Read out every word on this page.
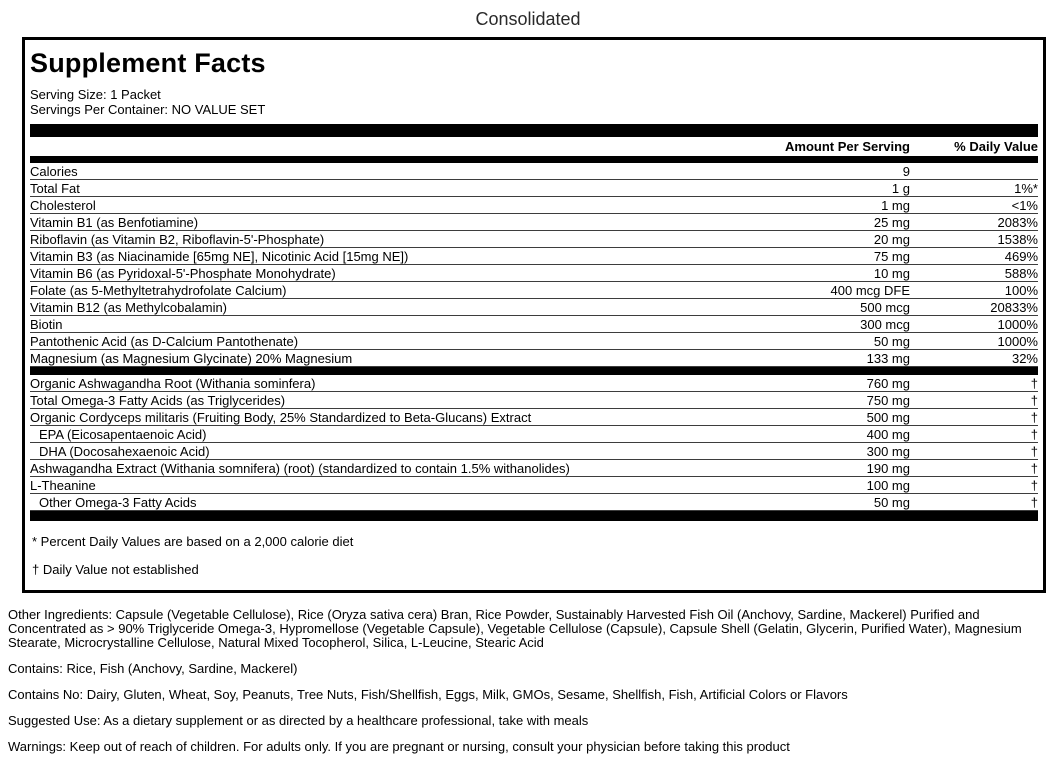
Consolidated
Supplement Facts
Serving Size: 1 Packet
Servings Per Container: NO VALUE SET
Amount Per Serving	% Daily Value
Calories	9
Total Fat	1 g	1%*
Cholesterol	1 mg	<1%
Vitamin B1 (as Benfotiamine)	25 mg	2083%
Riboflavin (as Vitamin B2, Riboflavin-5'-Phosphate)	20 mg	1538%
Vitamin B3 (as Niacinamide [65mg NE], Nicotinic Acid [15mg NE])	75 mg	469%
Vitamin B6 (as Pyridoxal-5'-Phosphate Monohydrate)	10 mg	588%
Folate (as 5-Methyltetrahydrofolate Calcium)	400 mcg DFE	100%
Vitamin B12 (as Methylcobalamin)	500 mcg	20833%
Biotin	300 mcg	1000%
Pantothenic Acid (as D-Calcium Pantothenate)	50 mg	1000%
Magnesium (as Magnesium Glycinate) 20% Magnesium	133 mg	32%
Organic Ashwagandha Root (Withania sominfera)	760 mg	†
Total Omega-3 Fatty Acids (as Triglycerides)	750 mg	†
Organic Cordyceps militaris (Fruiting Body, 25% Standardized to Beta-Glucans) Extract	500 mg	†
EPA (Eicosapentaenoic Acid)	400 mg	†
DHA (Docosahexaenoic Acid)	300 mg	†
Ashwagandha Extract (Withania somnifera) (root) (standardized to contain 1.5% withanolides)	190 mg	†
L-Theanine	100 mg	†
Other Omega-3 Fatty Acids	50 mg	†

* Percent Daily Values are based on a 2,000 calorie diet

† Daily Value not established

Other Ingredients: Capsule (Vegetable Cellulose), Rice (Oryza sativa cera) Bran, Rice Powder, Sustainably Harvested Fish Oil (Anchovy, Sardine, Mackerel) Purified and Concentrated as > 90% Triglyceride Omega-3, Hypromellose (Vegetable Capsule), Vegetable Cellulose (Capsule), Capsule Shell (Gelatin, Glycerin, Purified Water), Magnesium Stearate, Microcrystalline Cellulose, Natural Mixed Tocopherol, Silica, L-Leucine, Stearic Acid

Contains: Rice, Fish (Anchovy, Sardine, Mackerel)

Contains No: Dairy, Gluten, Wheat, Soy, Peanuts, Tree Nuts, Fish/Shellfish, Eggs, Milk, GMOs, Sesame, Shellfish, Fish, Artificial Colors or Flavors

Suggested Use: As a dietary supplement or as directed by a healthcare professional, take with meals

Warnings: Keep out of reach of children. For adults only. If you are pregnant or nursing, consult your physician before taking this product
